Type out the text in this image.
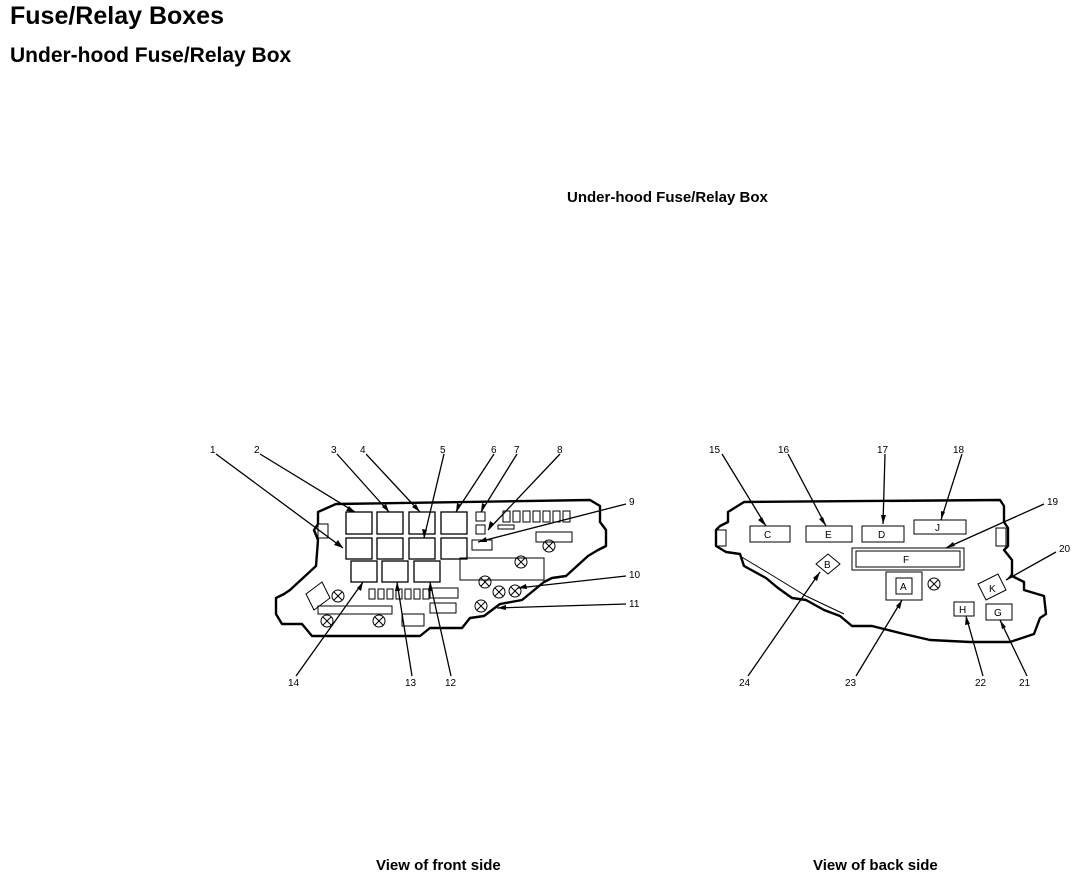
Fuse/Relay Boxes
Under-hood Fuse/Relay Box
Under-hood Fuse/Relay Box
1	2	3 4	5	6 7	8
9
10
11
12
13
14
C	E	D
J
F
B
A	K
H	G
15	16	17	18
19
20
21
22
23
24
View of front side	View of back side
